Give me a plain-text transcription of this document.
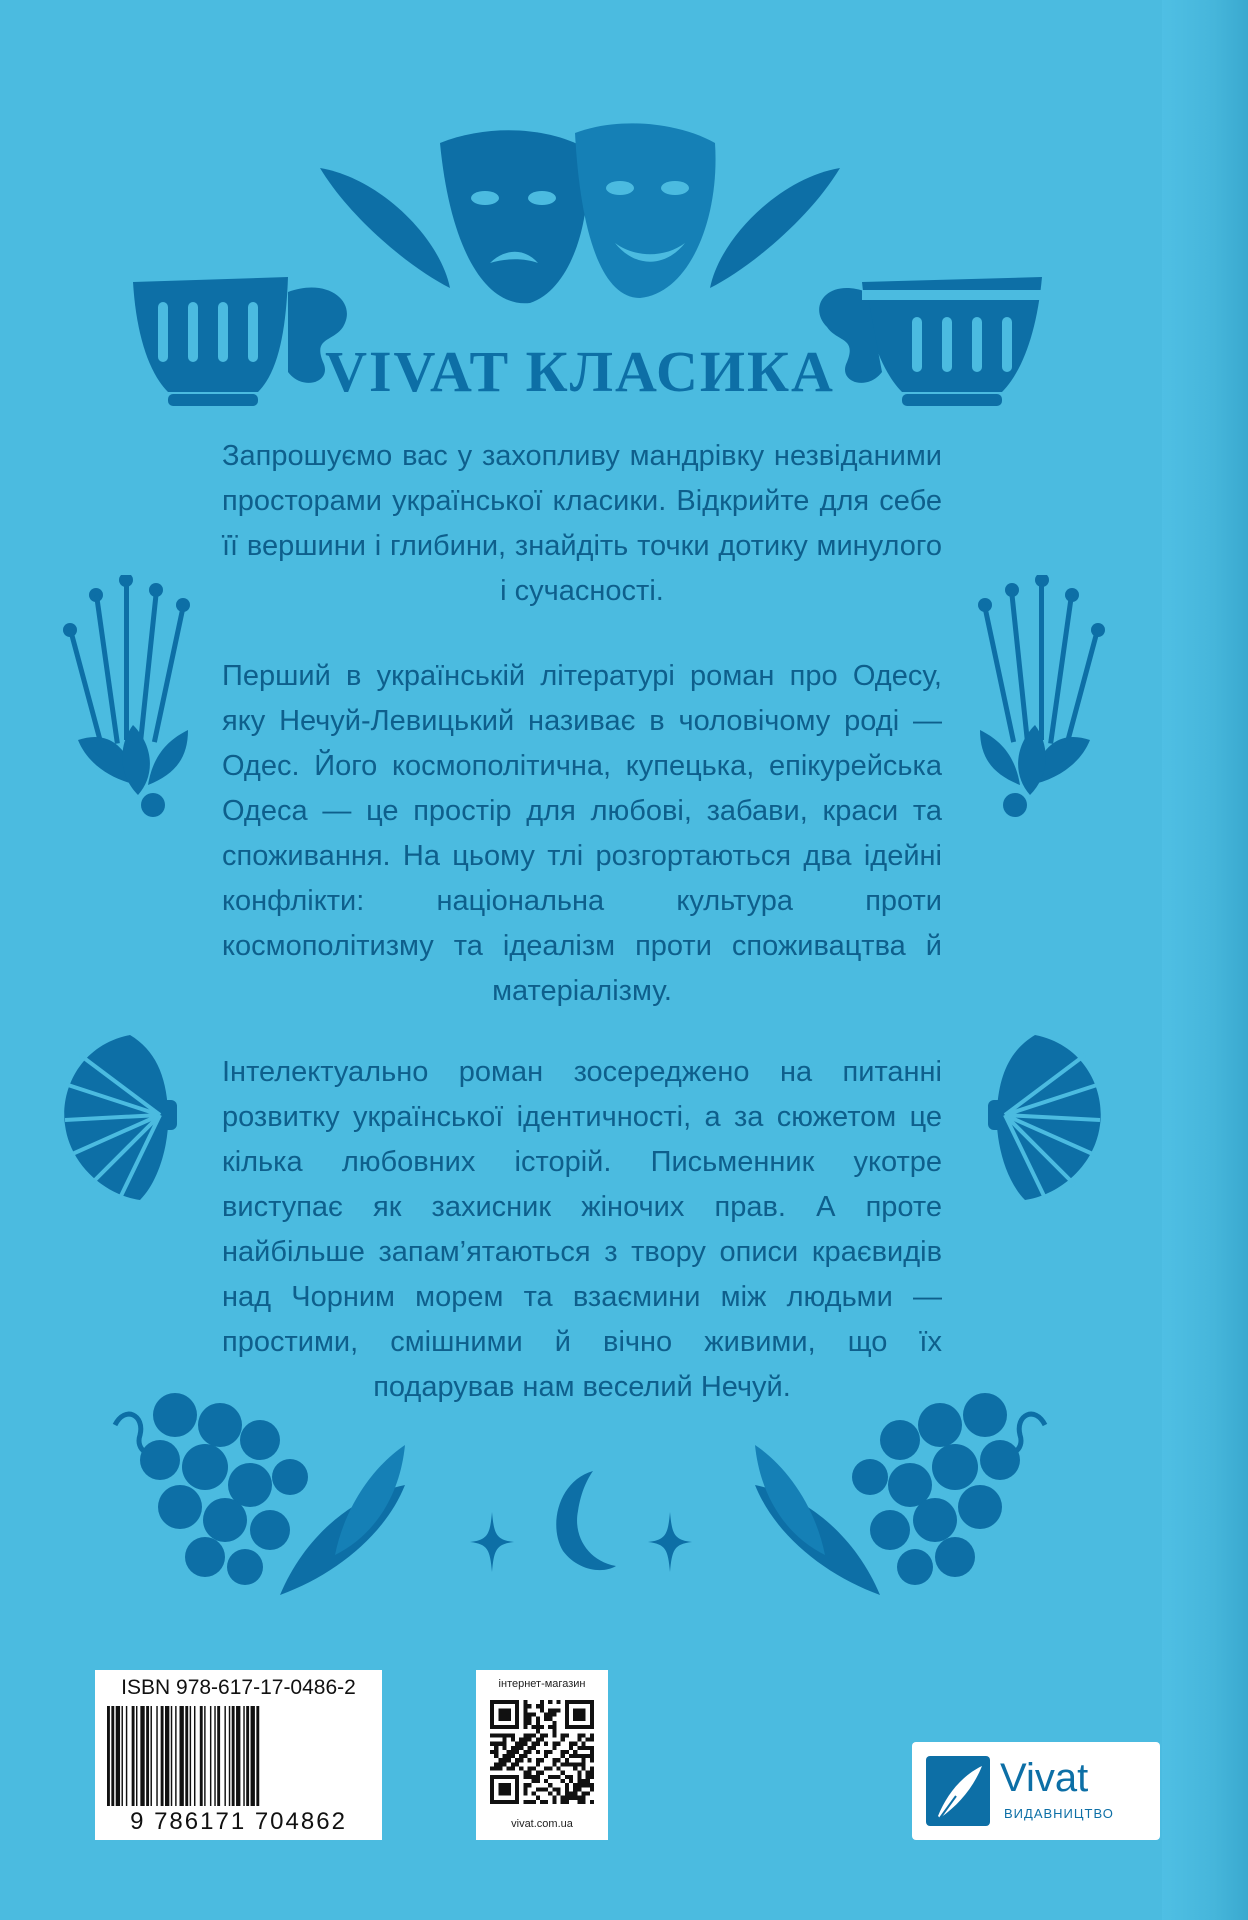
VIVAT КЛАСИКА

Запрошуємо вас у захопливу мандрівку незвіданими просторами української класики. Відкрийте для себе її вершини і глибини, знайдіть точки дотику минулого і сучасності.

Перший в українській літературі роман про Одесу, яку Нечуй-Левицький називає в чоловічому роді — Одес. Його космополітична, купецька, епікурейська Одеса — це простір для любові, забави, краси та споживання. На цьому тлі розгортаються два ідейні конфлікти: національна культура проти космополітизму та ідеалізм проти споживацтва й матеріалізму.

Інтелектуально роман зосереджено на питанні розвитку української ідентичності, а за сюжетом це кілька любовних історій. Письменник укотре виступає як захисник жіночих прав. А проте найбільше запам’ятаються з твору описи краєвидів над Чорним морем та взаємини між людьми — простими, смішними й вічно живими, що їх подарував нам веселий Нечуй.

ISBN 978-617-17-0486-2
9 786171 704862
інтернет-магазин
vivat.com.ua
Vivat
ВИДАВНИЦТВО
